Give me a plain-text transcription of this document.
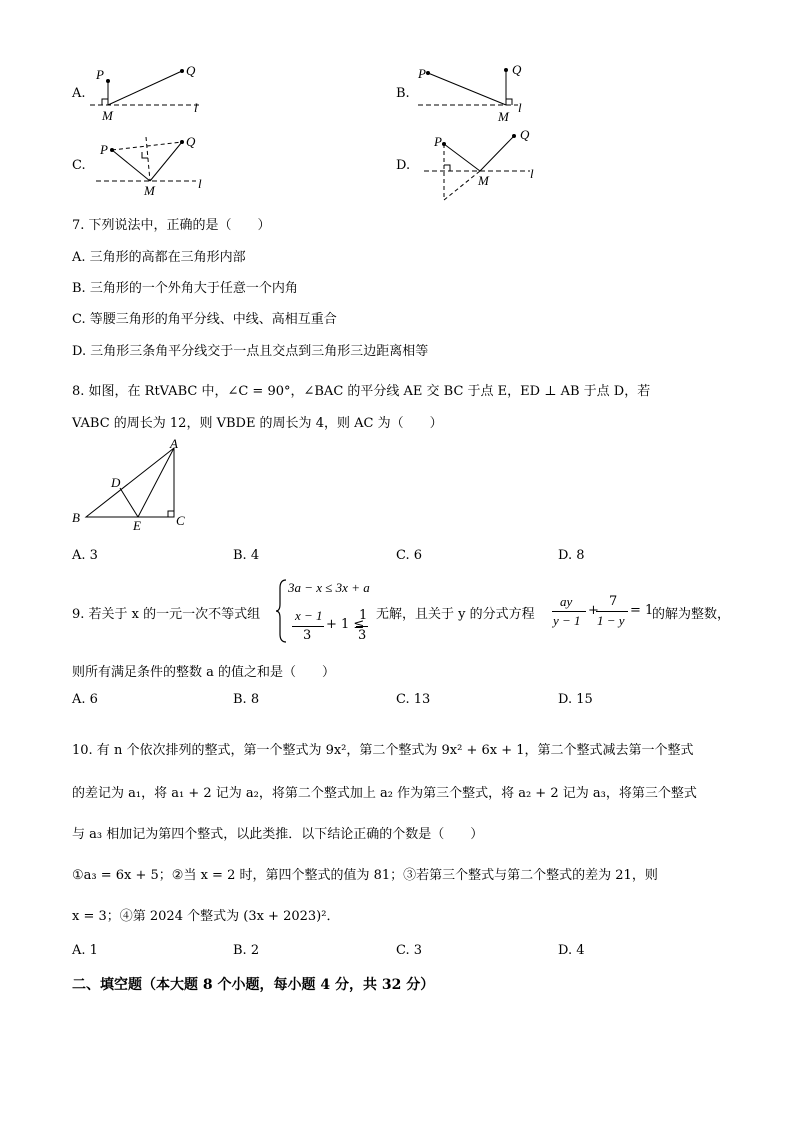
A.
P	Q
M
l
B.
P	Q
M
l
C.
P
Q
M	l
D.
P	Q
M	l
7. 下列说法中，正确的是（　　）
A. 三角形的高都在三角形内部
B. 三角形的一个外角大于任意一个内角
C. 等腰三角形的角平分线、中线、高相互重合
D. 三角形三条角平分线交于一点且交点到三角形三边距离相等
8. 如图，在 RtVABC 中，∠C = 90°，∠BAC 的平分线 AE 交 BC 于点 E，ED ⊥ AB 于点 D，若
VABC 的周长为 12，则 VBDE 的周长为 4，则 AC 为（　　）
A
B	C
D
E
A. 3	B. 4	C. 6	D. 8
9. 若关于 x 的一元一次不等式组
3a − x ≤ 3x + a
x − 1
3
+ 1 ≤
1
3
无解，且关于 y 的分式方程
ay
y − 1
+
7
1 − y
= 1
的解为整数，
则所有满足条件的整数 a 的值之和是（　　）
A. 6	B. 8	C. 13	D. 15
10. 有 n 个依次排列的整式，第一个整式为 9x²，第二个整式为 9x² + 6x + 1，第二个整式减去第一个整式
的差记为 a₁，将 a₁ + 2 记为 a₂，将第二个整式加上 a₂ 作为第三个整式，将 a₂ + 2 记为 a₃，将第三个整式
与 a₃ 相加记为第四个整式，以此类推．以下结论正确的个数是（　　）
①a₃ = 6x + 5；②当 x = 2 时，第四个整式的值为 81；③若第三个整式与第二个整式的差为 21，则
x = 3；④第 2024 个整式为 (3x + 2023)²．
A. 1	B. 2	C. 3	D. 4
二、填空题（本大题 8 个小题，每小题 4 分，共 32 分）
